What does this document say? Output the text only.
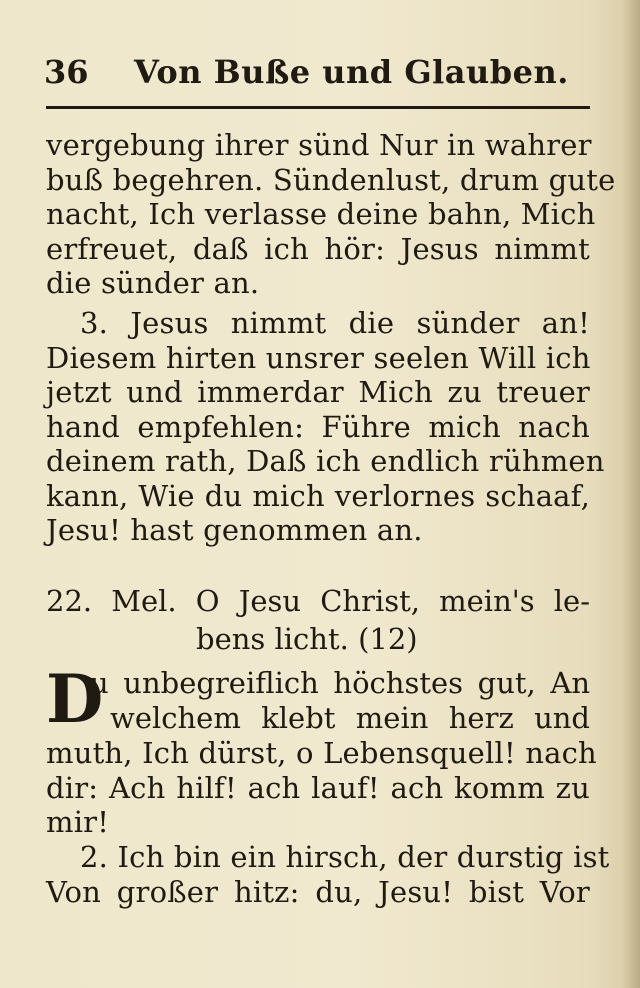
36 Von Buße und Glauben.
vergebung ihrer sünd Nur in wahrer
buß begehren. Sündenlust, drum gute
nacht, Ich verlasse deine bahn, Mich
erfreuet, daß ich hör: Jesus nimmt
die sünder an.
3. Jesus nimmt die sünder an!
Diesem hirten unsrer seelen Will ich
jetzt und immerdar Mich zu treuer
hand empfehlen: Führe mich nach
deinem rath, Daß ich endlich rühmen
kann, Wie du mich verlornes schaaf,
Jesu! hast genommen an.
22. Mel. O Jesu Christ, mein's le-
bens licht. (12)
D
u unbegreiflich höchstes gut, An
welchem klebt mein herz und
muth, Ich dürst, o Lebensquell! nach
dir: Ach hilf! ach lauf! ach komm zu
mir!
2. Ich bin ein hirsch, der durstig ist
Von großer hitz: du, Jesu! bist Vor
